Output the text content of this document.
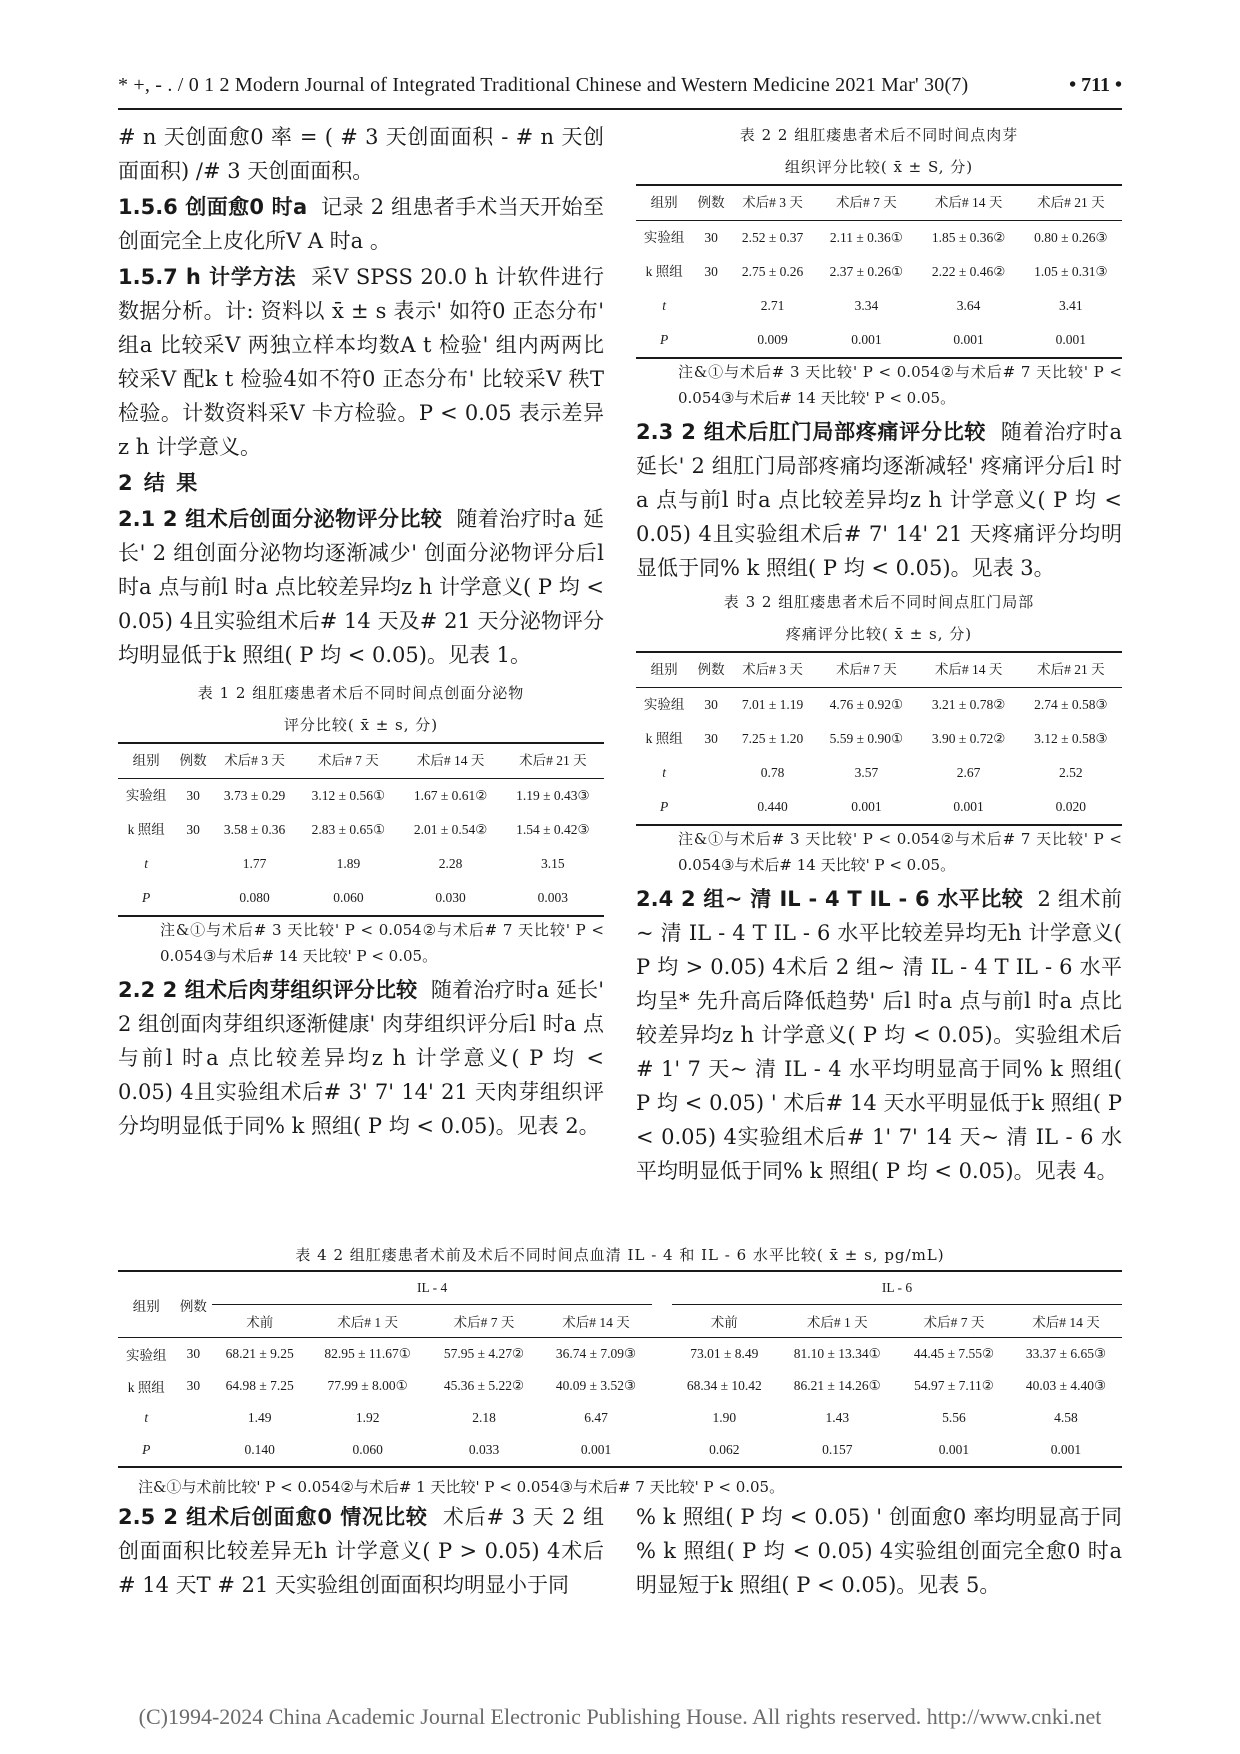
* +, - . / 0 1 2 Modern Journal of Integrated Traditional Chinese and Western Medicine 2021 Mar' 30(7)	• 711 •

# n 天创面愈0 率 = ( # 3 天创面面积 - # n 天创面面积) /# 3 天创面面积。

1.5.6 创面愈0 时a 记录 2 组患者手术当天开始至创面完全上皮化所V A 时a 。

1.5.7 h 计学方法 采V SPSS 20.0 h 计软件进行数据分析。计: 资料以 x̄ ± s 表示' 如符0 正态分布' 组a 比较采V 两独立样本均数A t 检验' 组内两两比较采V 配k t 检验4如不符0 正态分布' 比较采V 秩T 检验。计数资料采V 卡方检验。P < 0.05 表示差异z h 计学意义。

2 结 果

2.1 2 组术后创面分泌物评分比较 随着治疗时a 延长' 2 组创面分泌物均逐渐减少' 创面分泌物评分后l 时a 点与前l 时a 点比较差异均z h 计学意义( P 均 < 0.05) 4且实验组术后# 14 天及# 21 天分泌物评分均明显低于k 照组( P 均 < 0.05)。见表 1。

表 1 2 组肛瘘患者术后不同时间点创面分泌物

评分比较( x̄ ± s, 分)

组别	例数	术后# 3 天	术后# 7 天	术后# 14 天	术后# 21 天
实验组	30	3.73 ± 0.29	3.12 ± 0.56①	1.67 ± 0.61②	1.19 ± 0.43③
k 照组	30	3.58 ± 0.36	2.83 ± 0.65①	2.01 ± 0.54②	1.54 ± 0.42③
t		1.77	1.89	2.28	3.15
P		0.080	0.060	0.030	0.003

注&①与术后# 3 天比较' P < 0.054②与术后# 7 天比较' P < 0.054③与术后# 14 天比较' P < 0.05。

2.2 2 组术后肉芽组织评分比较 随着治疗时a 延长' 2 组创面肉芽组织逐渐健康' 肉芽组织评分后l 时a 点与前l 时a 点比较差异均z h 计学意义( P 均 < 0.05) 4且实验组术后# 3' 7' 14' 21 天肉芽组织评分均明显低于同% k 照组( P 均 < 0.05)。见表 2。

表 2 2 组肛瘘患者术后不同时间点肉芽

组织评分比较( x̄ ± S, 分)

组别	例数	术后# 3 天	术后# 7 天	术后# 14 天	术后# 21 天
实验组	30	2.52 ± 0.37	2.11 ± 0.36①	1.85 ± 0.36②	0.80 ± 0.26③
k 照组	30	2.75 ± 0.26	2.37 ± 0.26①	2.22 ± 0.46②	1.05 ± 0.31③
t		2.71	3.34	3.64	3.41
P		0.009	0.001	0.001	0.001

注&①与术后# 3 天比较' P < 0.054②与术后# 7 天比较' P < 0.054③与术后# 14 天比较' P < 0.05。

2.3 2 组术后肛门局部疼痛评分比较 随着治疗时a 延长' 2 组肛门局部疼痛均逐渐减轻' 疼痛评分后l 时a 点与前l 时a 点比较差异均z h 计学意义( P 均 < 0.05) 4且实验组术后# 7' 14' 21 天疼痛评分均明显低于同% k 照组( P 均 < 0.05)。见表 3。

表 3 2 组肛瘘患者术后不同时间点肛门局部

疼痛评分比较( x̄ ± s, 分)

组别	例数	术后# 3 天	术后# 7 天	术后# 14 天	术后# 21 天
实验组	30	7.01 ± 1.19	4.76 ± 0.92①	3.21 ± 0.78②	2.74 ± 0.58③
k 照组	30	7.25 ± 1.20	5.59 ± 0.90①	3.90 ± 0.72②	3.12 ± 0.58③
t		0.78	3.57	2.67	2.52
P		0.440	0.001	0.001	0.020

注&①与术后# 3 天比较' P < 0.054②与术后# 7 天比较' P < 0.054③与术后# 14 天比较' P < 0.05。

2.4 2 组~ 清 IL - 4 T IL - 6 水平比较 2 组术前 ~ 清 IL - 4 T IL - 6 水平比较差异均无h 计学意义( P 均 > 0.05) 4术后 2 组~ 清 IL - 4 T IL - 6 水平均呈* 先升高后降低趋势' 后l 时a 点与前l 时a 点比较差异均z h 计学意义( P 均 < 0.05)。实验组术后# 1' 7 天~ 清 IL - 4 水平均明显高于同% k 照组( P 均 < 0.05) ' 术后# 14 天水平明显低于k 照组( P < 0.05) 4实验组术后# 1' 7' 14 天~ 清 IL - 6 水平均明显低于同% k 照组( P 均 < 0.05)。见表 4。

表 4 2 组肛瘘患者术前及术后不同时间点血清 IL - 4 和 IL - 6 水平比较( x̄ ± s, pg/mL)

组别	例数	IL - 4					IL - 6			
		术前	术后# 1 天	术后# 7 天	术后# 14 天		术前	术后# 1 天	术后# 7 天	术后# 14 天
实验组	30	68.21 ± 9.25	82.95 ± 11.67①	57.95 ± 4.27②	36.74 ± 7.09③		73.01 ± 8.49	81.10 ± 13.34①	44.45 ± 7.55②	33.37 ± 6.65③
k 照组	30	64.98 ± 7.25	77.99 ± 8.00①	45.36 ± 5.22②	40.09 ± 3.52③		68.34 ± 10.42	86.21 ± 14.26①	54.97 ± 7.11②	40.03 ± 4.40③
t		1.49	1.92	2.18	6.47		1.90	1.43	5.56	4.58
P		0.140	0.060	0.033	0.001		0.062	0.157	0.001	0.001

注&①与术前比较' P < 0.054②与术后# 1 天比较' P < 0.054③与术后# 7 天比较' P < 0.05。

2.5 2 组术后创面愈0 情况比较 术后# 3 天 2 组创面面积比较差异无h 计学意义( P > 0.05) 4术后# 14 天T # 21 天实验组创面面积均明显小于同

% k 照组( P 均 < 0.05) ' 创面愈0 率均明显高于同 % k 照组( P 均 < 0.05) 4实验组创面完全愈0 时a 明显短于k 照组( P < 0.05)。见表 5。

(C)1994-2024 China Academic Journal Electronic Publishing House. All rights reserved. http://www.cnki.net
